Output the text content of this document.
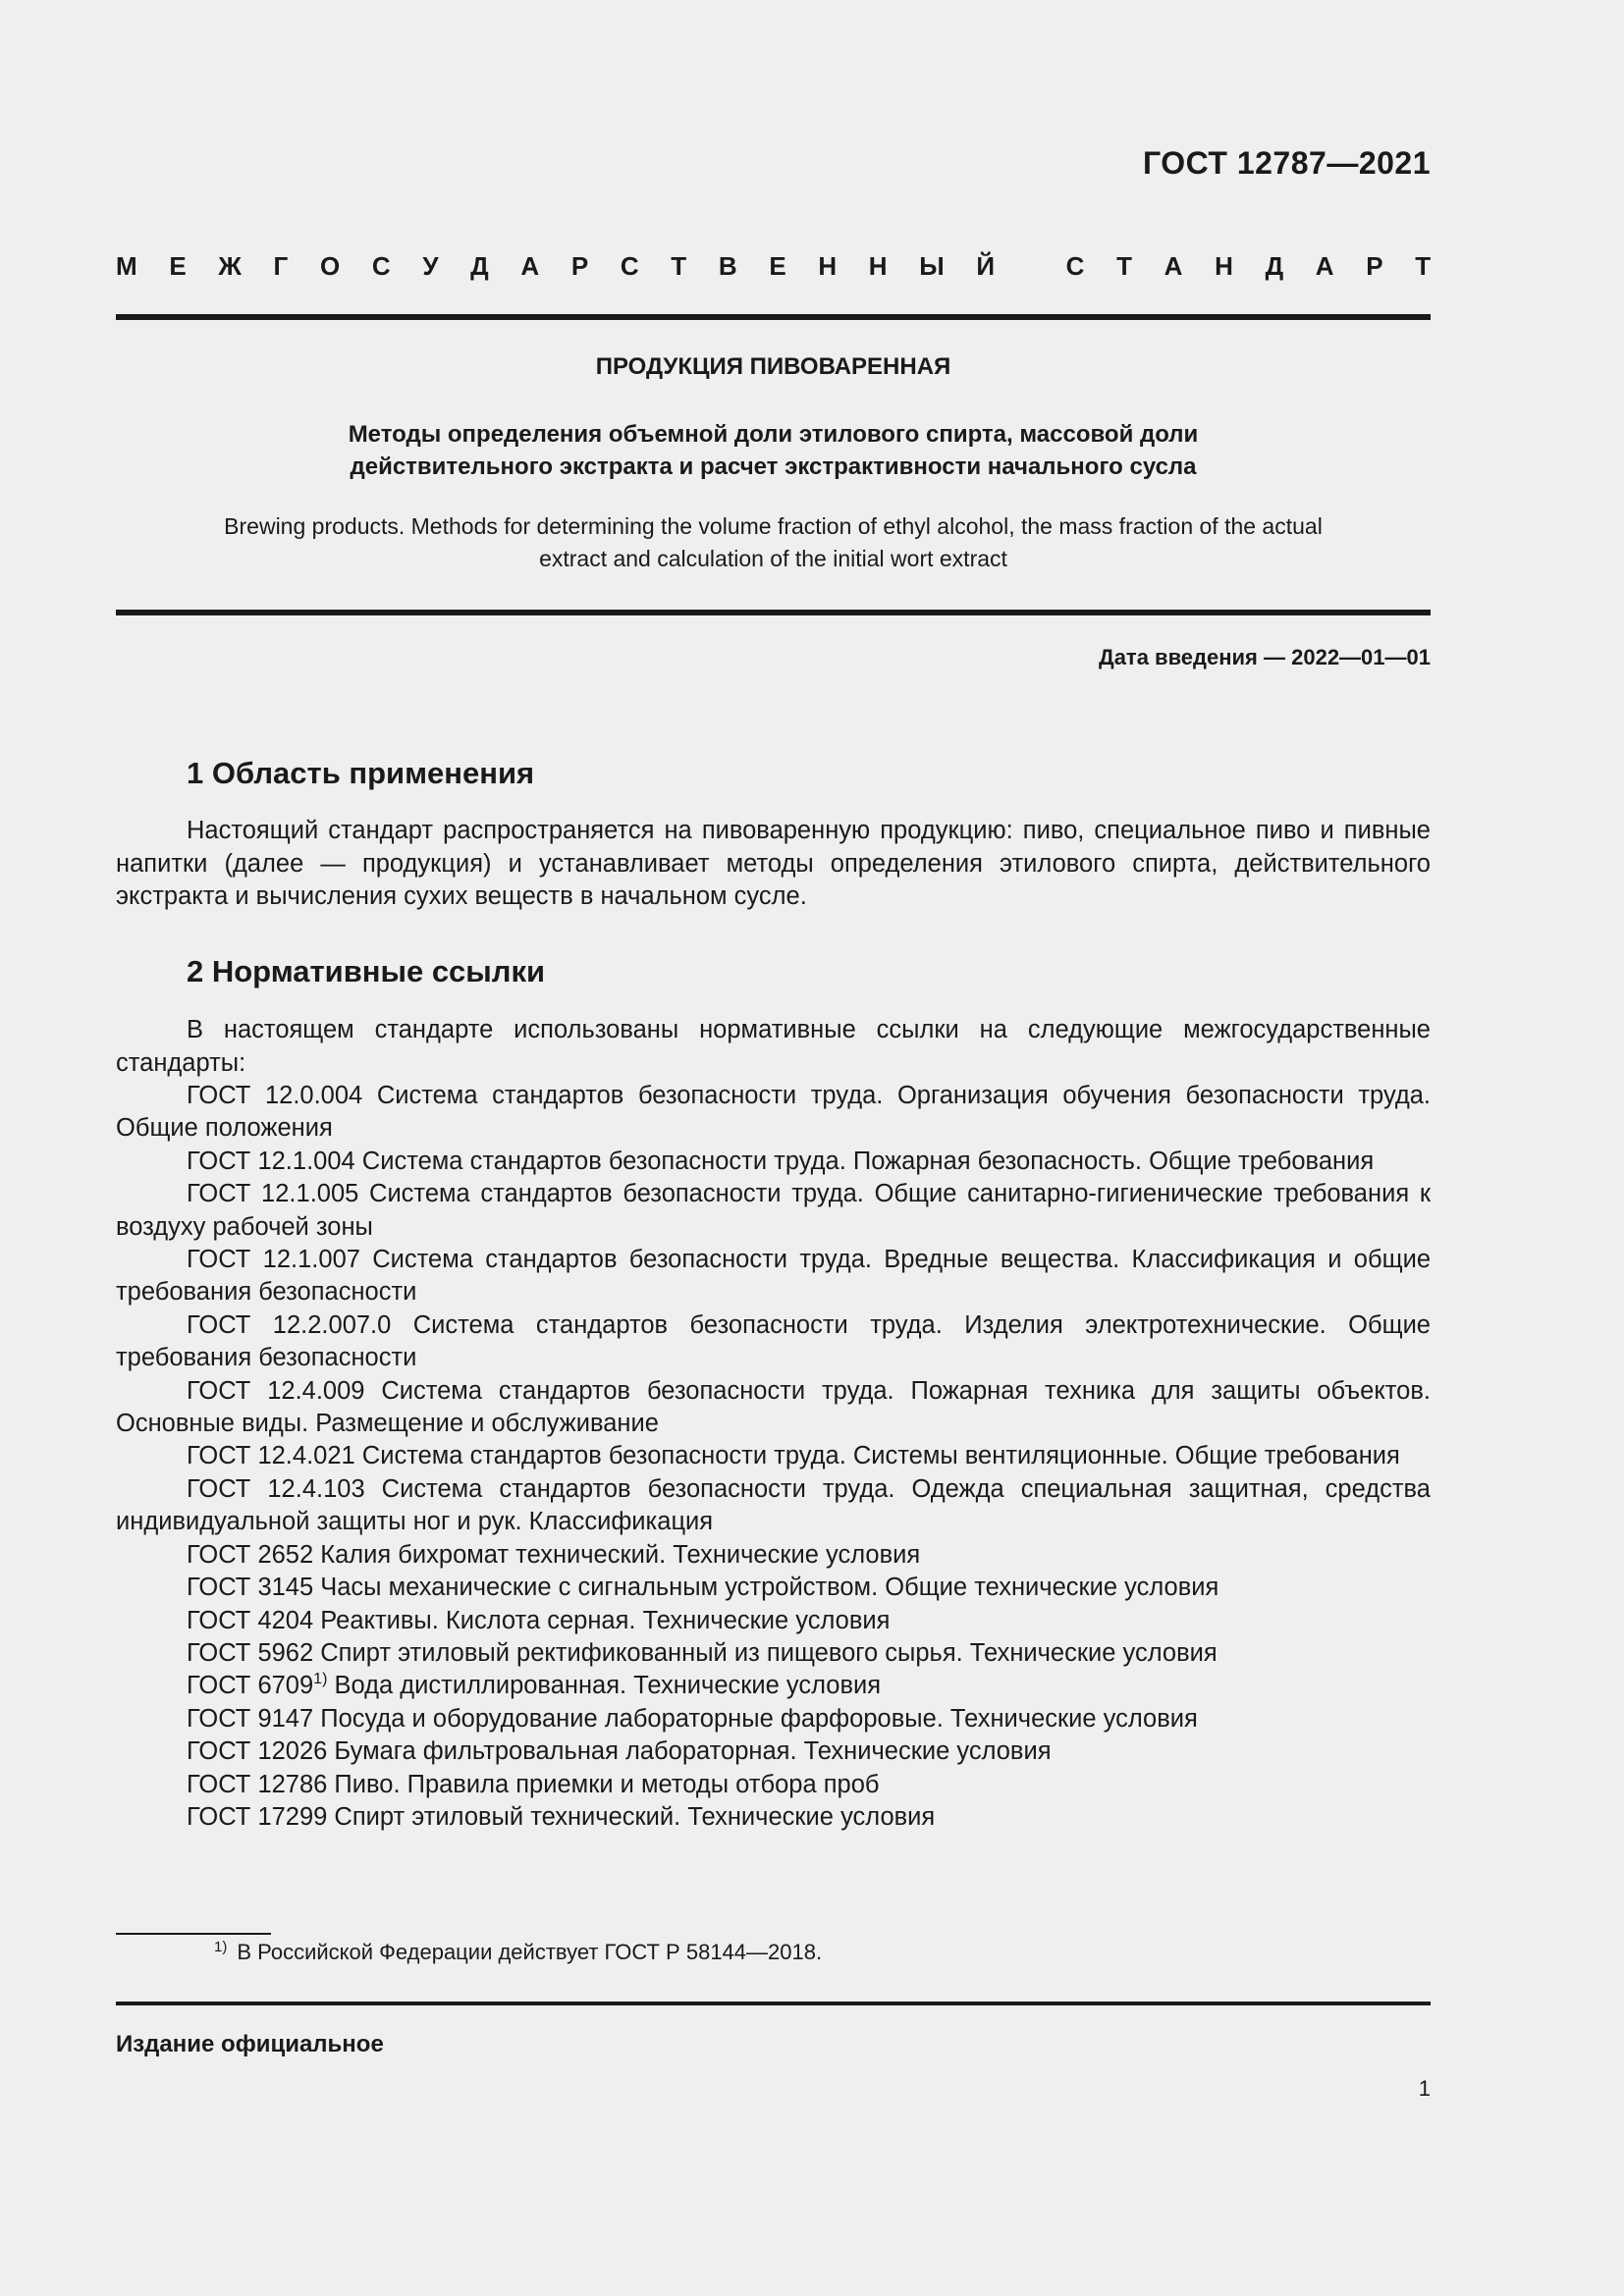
ГОСТ 12787—2021
М Е Ж Г О С У Д А Р С Т В Е Н Н Ы Й	С Т А Н Д А Р Т
ПРОДУКЦИЯ ПИВОВАРЕННАЯ
Методы определения объемной доли этилового спирта, массовой доли
действительного экстракта и расчет экстрактивности начального сусла
Brewing products. Methods for determining the volume fraction of ethyl alcohol, the mass fraction of the actual
extract and calculation of the initial wort extract
Дата введения — 2022—01—01
1 Область применения
Настоящий стандарт распространяется на пивоваренную продукцию: пиво, специальное пиво и пивные напитки (далее — продукция) и устанавливает методы определения этилового спирта, действительного экстракта и вычисления сухих веществ в начальном сусле.
2 Нормативные ссылки
В настоящем стандарте использованы нормативные ссылки на следующие межгосударственные стандарты:
ГОСТ 12.0.004 Система стандартов безопасности труда. Организация обучения безопасности труда. Общие положения
ГОСТ 12.1.004 Система стандартов безопасности труда. Пожарная безопасность. Общие требования
ГОСТ 12.1.005 Система стандартов безопасности труда. Общие санитарно-гигиенические требования к воздуху рабочей зоны
ГОСТ 12.1.007 Система стандартов безопасности труда. Вредные вещества. Классификация и общие требования безопасности
ГОСТ 12.2.007.0 Система стандартов безопасности труда. Изделия электротехнические. Общие требования безопасности
ГОСТ 12.4.009 Система стандартов безопасности труда. Пожарная техника для защиты объектов. Основные виды. Размещение и обслуживание
ГОСТ 12.4.021 Система стандартов безопасности труда. Системы вентиляционные. Общие требования
ГОСТ 12.4.103 Система стандартов безопасности труда. Одежда специальная защитная, средства индивидуальной защиты ног и рук. Классификация
ГОСТ 2652 Калия бихромат технический. Технические условия
ГОСТ 3145 Часы механические с сигнальным устройством. Общие технические условия
ГОСТ 4204 Реактивы. Кислота серная. Технические условия
ГОСТ 5962 Спирт этиловый ректификованный из пищевого сырья. Технические условия
ГОСТ 6709$^{1)}$ Вода дистиллированная. Технические условия
ГОСТ 9147 Посуда и оборудование лабораторные фарфоровые. Технические условия
ГОСТ 12026 Бумага фильтровальная лабораторная. Технические условия
ГОСТ 12786 Пиво. Правила приемки и методы отбора проб
ГОСТ 17299 Спирт этиловый технический. Технические условия
$^{1)}$ В Российской Федерации действует ГОСТ Р 58144—2018.
Издание официальное
1
